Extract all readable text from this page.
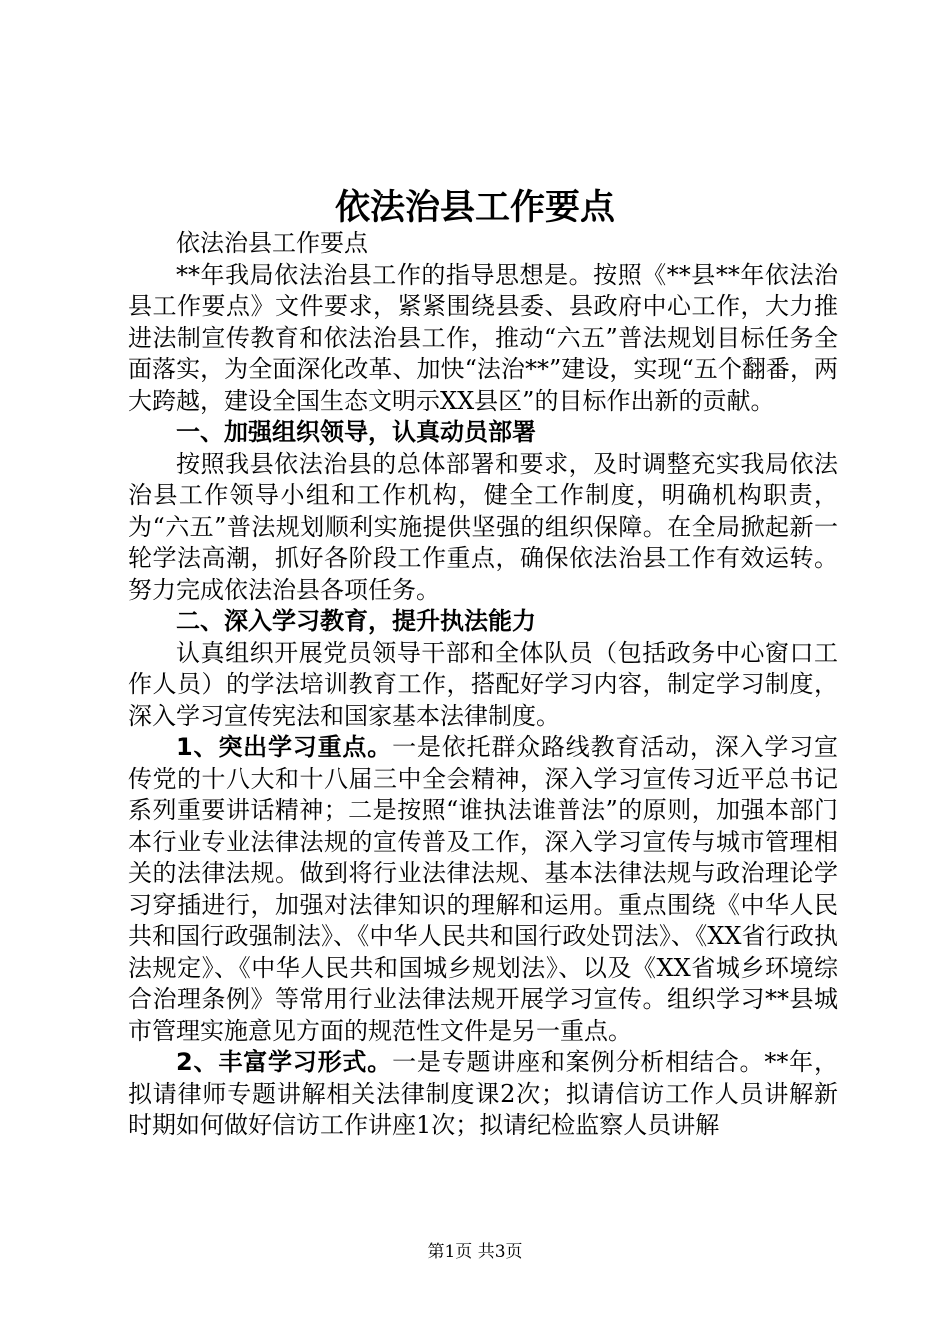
依法治县工作要点

依法治县工作要点

**年我局依法治县工作的指导思想是。按照《**县**年依法治县工作要点》文件要求，紧紧围绕县委、县政府中心工作，大力推进法制宣传教育和依法治县工作，推动“六五”普法规划目标任务全面落实，为全面深化改革、加快“法治**”建设，实现“五个翻番，两大跨越，建设全国生态文明示XX县区”的目标作出新的贡献。

一、加强组织领导，认真动员部署

按照我县依法治县的总体部署和要求，及时调整充实我局依法治县工作领导小组和工作机构，健全工作制度，明确机构职责，为“六五”普法规划顺利实施提供坚强的组织保障。在全局掀起新一轮学法高潮，抓好各阶段工作重点，确保依法治县工作有效运转。努力完成依法治县各项任务。

二、深入学习教育，提升执法能力

认真组织开展党员领导干部和全体队员（包括政务中心窗口工作人员）的学法培训教育工作，搭配好学习内容，制定学习制度，深入学习宣传宪法和国家基本法律制度。

1、突出学习重点。一是依托群众路线教育活动，深入学习宣传党的十八大和十八届三中全会精神，深入学习宣传习近平总书记系列重要讲话精神；二是按照“谁执法谁普法”的原则，加强本部门本行业专业法律法规的宣传普及工作，深入学习宣传与城市管理相关的法律法规。做到将行业法律法规、基本法律法规与政治理论学习穿插进行，加强对法律知识的理解和运用。重点围绕《中华人民共和国行政强制法》、《中华人民共和国行政处罚法》、《XX省行政执法规定》、《中华人民共和国城乡规划法》、以及《XX省城乡环境综合治理条例》等常用行业法律法规开展学习宣传。组织学习**县城市管理实施意见方面的规范性文件是另一重点。

2、丰富学习形式。一是专题讲座和案例分析相结合。**年，拟请律师专题讲解相关法律制度课2次；拟请信访工作人员讲解新时期如何做好信访工作讲座1次；拟请纪检监察人员讲解

第1页 共3页
